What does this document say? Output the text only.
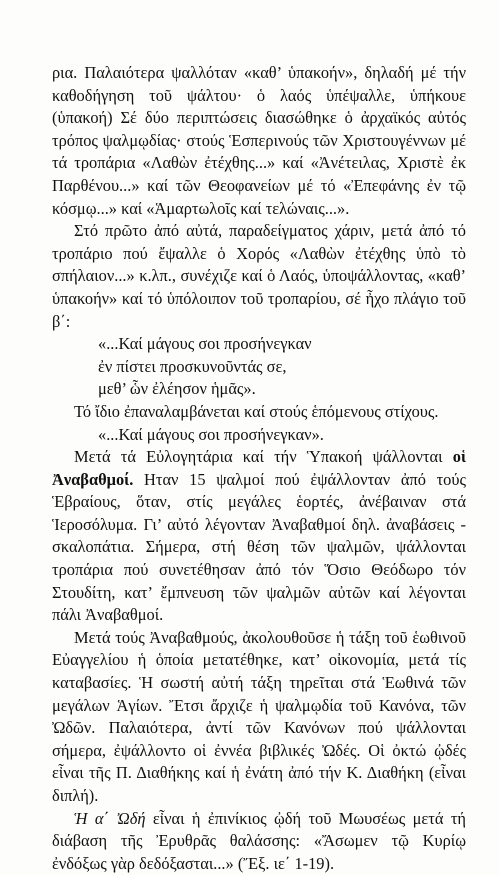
ρια. Παλαιότερα ψαλλόταν «καθ’ ὑπακοήν», δηλαδή μέ τήν καθοδήγηση τοῦ ψάλτου· ὁ λαός ὑπέψαλλε, ὑπήκουε (ὑπακοή) Σέ δύο περιπτώσεις διασώθηκε ὁ ἀρχαϊκός αὐτός τρόπος ψαλμῳδίας· στούς Ἑσπερινούς τῶν Χριστουγέννων μέ τά τροπάρια «Λαθὼν ἐτέχθης...» καί «Ἀνέτειλας, Χριστὲ ἐκ Παρθένου...» καί τῶν Θεοφανείων μέ τό «Ἐπεφάνης ἐν τῷ κόσμῳ...» καί «Ἁμαρτωλοῖς καί τελώναις...».

Στό πρῶτο ἀπό αὐτά, παραδείγματος χάριν, μετά ἀπό τό τροπάριο πού ἔψαλλε ὁ Χορός «Λαθὼν ἐτέχθης ὑπὸ τὸ σπήλαιον...» κ.λπ., συνέχιζε καί ὁ Λαός, ὑποψάλλοντας, «καθ’ ὑπακοήν» καί τό ὑπόλοιπον τοῦ τροπαρίου, σέ ἦχο πλάγιο τοῦ β΄:

«...Καί μάγους σοι προσήνεγκαν

ἐν πίστει προσκυνοῦντάς σε,

μεθ’ ὧν ἐλέησον ἡμᾶς».

Τό ἴδιο ἐπαναλαμβάνεται καί στούς ἑπόμενους στίχους.

«...Καί μάγους σοι προσήνεγκαν».

Μετά τά Εὐλογητάρια καί τήν Ὑπακοή ψάλλονται οἱ Ἀναβαθμοί. Ηταν 15 ψαλμοί πού ἐψάλλονταν ἀπό τούς Ἑβραίους, ὅταν, στίς μεγάλες ἑορτές, ἀνέβαιναν στά Ἱεροσόλυμα. Γι’ αὐτό λέγονταν Ἀναβαθμοί δηλ. ἀναβάσεις - σκαλοπάτια. Σήμερα, στή θέση τῶν ψαλμῶν, ψάλλονται τροπάρια πού συνετέθησαν ἀπό τόν Ὅσιο Θεόδωρο τόν Στουδίτη, κατ’ ἔμπνευση τῶν ψαλμῶν αὐτῶν καί λέγονται πάλι Ἀναβαθμοί.

Μετά τούς Ἀναβαθμούς, ἀκολουθοῦσε ἡ τάξη τοῦ ἑωθινοῦ Εὐαγγελίου ἡ ὁποία μετατέθηκε, κατ’ οἰκονομία, μετά τίς καταβασίες. Ἡ σωστή αὐτή τάξη τηρεῖται στά Ἑωθινά τῶν μεγάλων Ἁγίων. Ἔτσι ἄρχιζε ἡ ψαλμῳδία τοῦ Κανόνα, τῶν Ὠδῶν. Παλαιότερα, ἀντί τῶν Κανόνων πού ψάλλονται σήμερα, ἐψάλλοντο οἱ ἐννέα βιβλικές Ὠδές. Οἱ ὀκτώ ᾠδές εἶναι τῆς Π. Διαθήκης καί ἡ ἐνάτη ἀπό τήν Κ. Διαθήκη (εἶναι διπλή).

Ἡ α΄ Ὠδή εἶναι ἡ ἐπινίκιος ᾠδή τοῦ Μωυσέως μετά τή διάβαση τῆς Ἐρυθρᾶς θαλάσσης: «Ἄσωμεν τῷ Κυρίῳ ἐνδόξως γὰρ δεδόξασται...» (Ἔξ. ιε΄ 1-19).
